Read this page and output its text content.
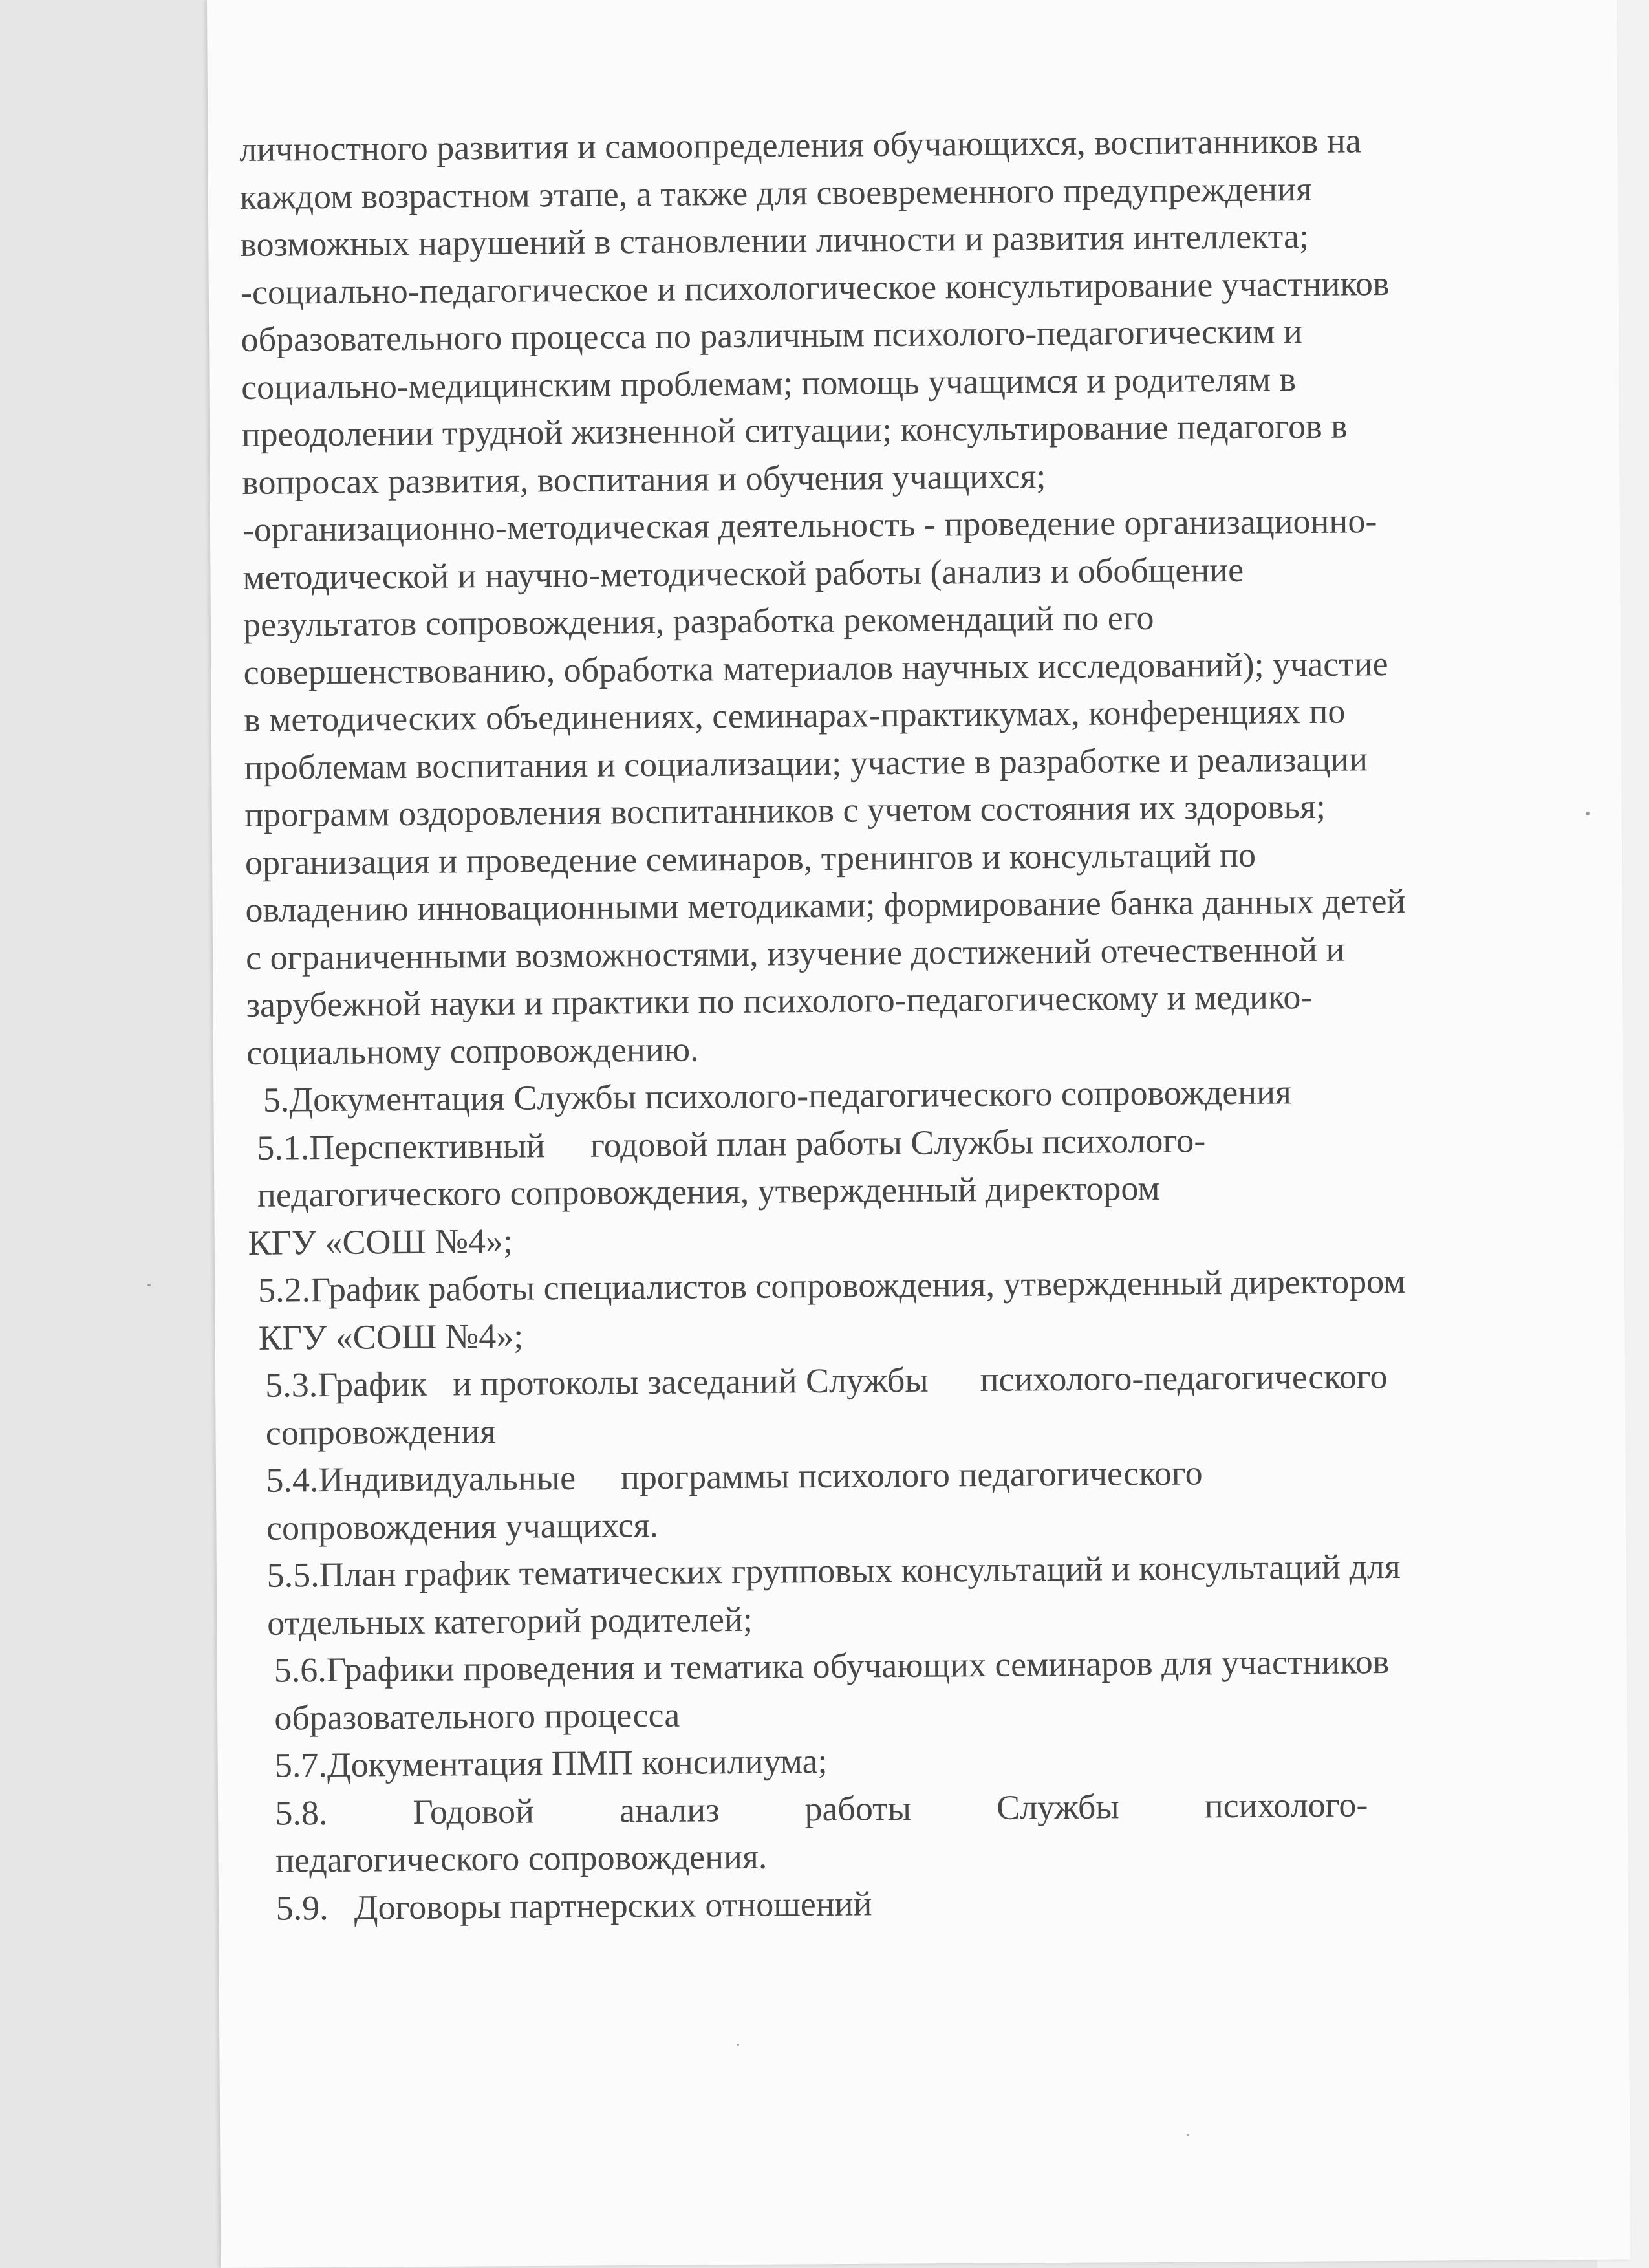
личностного развития и самоопределения обучающихся, воспитанников на
каждом возрастном этапе, а также для своевременного предупреждения
возможных нарушений в становлении личности и развития интеллекта;
-социально-педагогическое и психологическое консультирование участников
образовательного процесса по различным психолого-педагогическим и
социально-медицинским проблемам; помощь учащимся и родителям в
преодолении трудной жизненной ситуации; консультирование педагогов в
вопросах развития, воспитания и обучения учащихся;
-организационно-методическая деятельность - проведение организационно-
методической и научно-методической работы (анализ и обобщение
результатов сопровождения, разработка рекомендаций по его
совершенствованию, обработка материалов научных исследований); участие
в методических объединениях, семинарах-практикумах, конференциях по
проблемам воспитания и социализации; участие в разработке и реализации
программ оздоровления воспитанников с учетом состояния их здоровья;
организация и проведение семинаров, тренингов и консультаций по
овладению инновационными методиками; формирование банка данных детей
с ограниченными возможностями, изучение достижений отечественной и
зарубежной науки и практики по психолого-педагогическому и медико-
социальному сопровождению.
5.Документация Службы психолого-педагогического сопровождения
5.1.Перспективный годовой план работы Службы психолого-
педагогического сопровождения, утвержденный директором
КГУ «СОШ №4»;
5.2.График работы специалистов сопровождения, утвержденный директором
КГУ «СОШ №4»;
5.3.График и протоколы заседаний Службы психолого-педагогического
сопровождения
5.4.Индивидуальные программы психолого педагогического
сопровождения учащихся.
5.5.План график тематических групповых консультаций и консультаций для
отдельных категорий родителей;
5.6.Графики проведения и тематика обучающих семинаров для участников
образовательного процесса
5.7.Документация ПМП консилиума;
5.8. Годовой анализ работы Службы психолого-
педагогического сопровождения.
5.9. Договоры партнерских отношений
